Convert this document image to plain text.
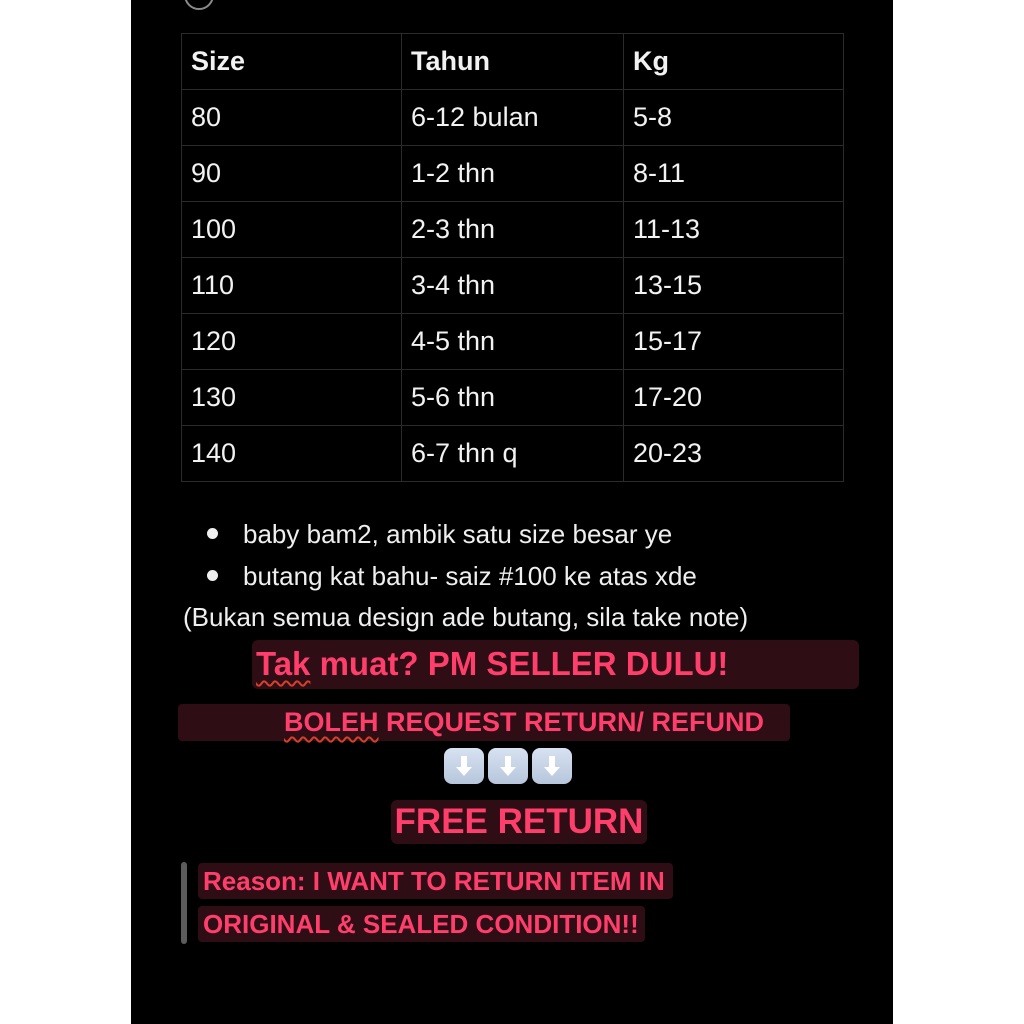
Size	Tahun	Kg
80	6-12 bulan	5-8
90	1-2 thn	8-11
100	2-3 thn	11-13
110	3-4 thn	13-15
120	4-5 thn	15-17
130	5-6 thn	17-20
140	6-7 thn q	20-23
baby bam2, ambik satu size besar ye
butang kat bahu- saiz #100 ke atas xde
(Bukan semua design ade butang, sila take note)
Tak muat? PM SELLER DULU!
BOLEH REQUEST RETURN/ REFUND
FREE RETURN
Reason: I WANT TO RETURN ITEM IN
ORIGINAL & SEALED CONDITION!!
